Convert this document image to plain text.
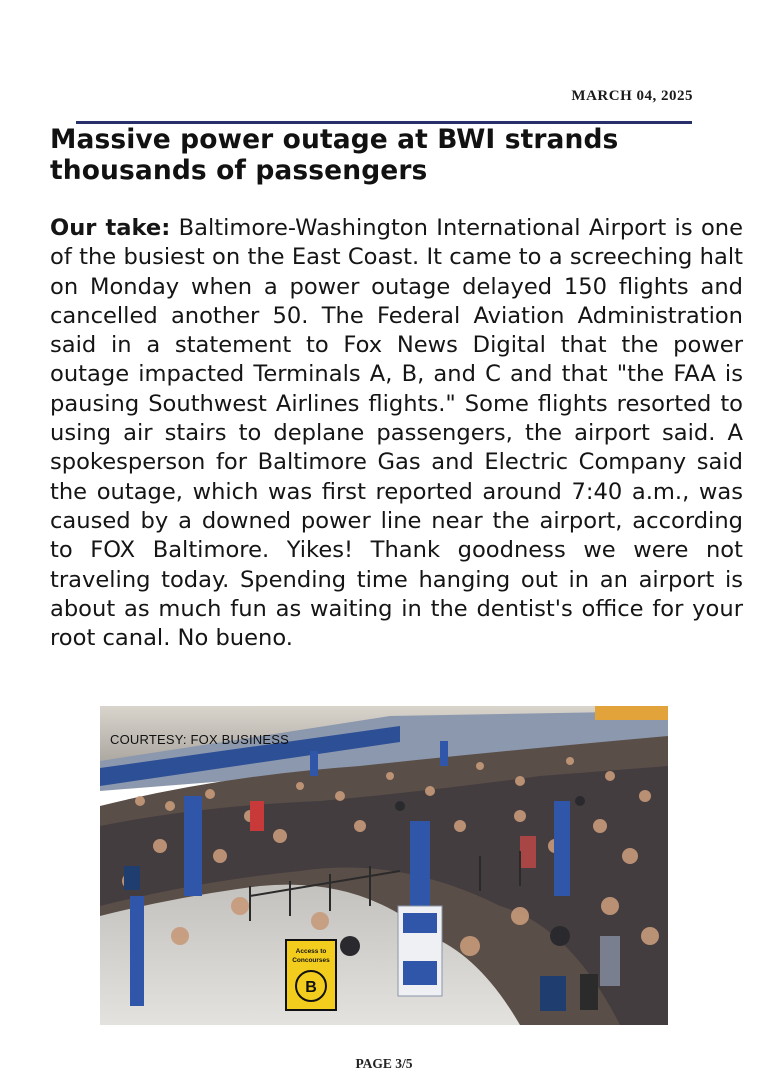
MARCH 04, 2025
Massive power outage at BWI strands thousands of passengers

Our take: Baltimore-Washington International Airport is one of the busiest on the East Coast. It came to a screeching halt on Monday when a power outage delayed 150 flights and cancelled another 50. The Federal Aviation Administration said in a statement to Fox News Digital that the power outage impacted Terminals A, B, and C and that "the FAA is pausing Southwest Airlines flights." Some flights resorted to using air stairs to deplane passengers, the airport said. A spokesperson for Baltimore Gas and Electric Company said the outage, which was first reported around 7:40 a.m., was caused by a downed power line near the airport, according to FOX Baltimore. Yikes! Thank goodness we were not traveling today. Spending time hanging out in an airport is about as much fun as waiting in the dentist's office for your root canal. No bueno.

Access to
Concourses
B
COURTESY: FOX BUSINESS
PAGE 3/5
